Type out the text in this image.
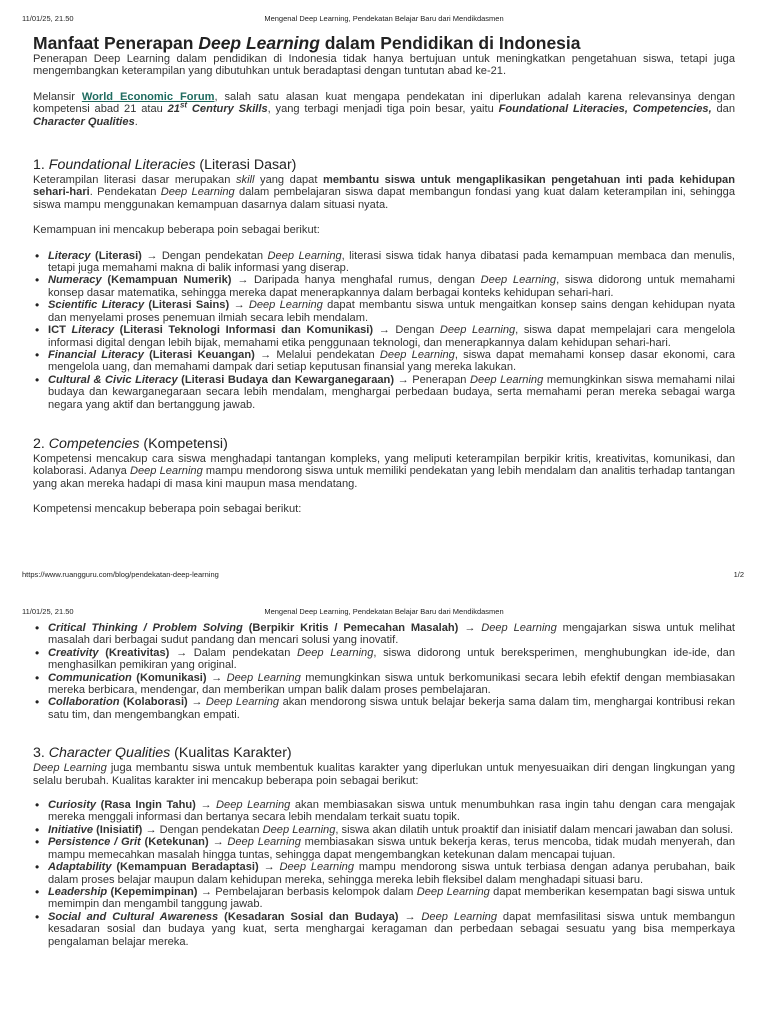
11/01/25, 21.50	Mengenal Deep Learning, Pendekatan Belajar Baru dari Mendikdasmen
Manfaat Penerapan Deep Learning dalam Pendidikan di Indonesia

Penerapan Deep Learning dalam pendidikan di Indonesia tidak hanya bertujuan untuk meningkatkan pengetahuan siswa, tetapi juga mengembangkan keterampilan yang dibutuhkan untuk beradaptasi dengan tuntutan abad ke-21.

Melansir World Economic Forum, salah satu alasan kuat mengapa pendekatan ini diperlukan adalah karena relevansinya dengan kompetensi abad 21 atau 21st Century Skills, yang terbagi menjadi tiga poin besar, yaitu Foundational Literacies, Competencies, dan Character Qualities.

1. Foundational Literacies (Literasi Dasar)

Keterampilan literasi dasar merupakan skill yang dapat membantu siswa untuk mengaplikasikan pengetahuan inti pada kehidupan sehari-hari. Pendekatan Deep Learning dalam pembelajaran siswa dapat membangun fondasi yang kuat dalam keterampilan ini, sehingga siswa mampu menggunakan kemampuan dasarnya dalam situasi nyata.

Kemampuan ini mencakup beberapa poin sebagai berikut:

• Literacy (Literasi) → Dengan pendekatan Deep Learning, literasi siswa tidak hanya dibatasi pada kemampuan membaca dan menulis, tetapi juga memahami makna di balik informasi yang diserap.
• Numeracy (Kemampuan Numerik) → Daripada hanya menghafal rumus, dengan Deep Learning, siswa didorong untuk memahami konsep dasar matematika, sehingga mereka dapat menerapkannya dalam berbagai konteks kehidupan sehari-hari.
• Scientific Literacy (Literasi Sains) → Deep Learning dapat membantu siswa untuk mengaitkan konsep sains dengan kehidupan nyata dan menyelami proses penemuan ilmiah secara lebih mendalam.
• ICT Literacy (Literasi Teknologi Informasi dan Komunikasi) → Dengan Deep Learning, siswa dapat mempelajari cara mengelola informasi digital dengan lebih bijak, memahami etika penggunaan teknologi, dan menerapkannya dalam kehidupan sehari-hari.
• Financial Literacy (Literasi Keuangan) → Melalui pendekatan Deep Learning, siswa dapat memahami konsep dasar ekonomi, cara mengelola uang, dan memahami dampak dari setiap keputusan finansial yang mereka lakukan.
• Cultural & Civic Literacy (Literasi Budaya dan Kewarganegaraan) → Penerapan Deep Learning memungkinkan siswa memahami nilai budaya dan kewarganegaraan secara lebih mendalam, menghargai perbedaan budaya, serta memahami peran mereka sebagai warga negara yang aktif dan bertanggung jawab.
2. Competencies (Kompetensi)

Kompetensi mencakup cara siswa menghadapi tantangan kompleks, yang meliputi keterampilan berpikir kritis, kreativitas, komunikasi, dan kolaborasi. Adanya Deep Learning mampu mendorong siswa untuk memiliki pendekatan yang lebih mendalam dan analitis terhadap tantangan yang akan mereka hadapi di masa kini maupun masa mendatang.

Kompetensi mencakup beberapa poin sebagai berikut:

https://www.ruangguru.com/blog/pendekatan-deep-learning	1/2
11/01/25, 21.50	Mengenal Deep Learning, Pendekatan Belajar Baru dari Mendikdasmen
• Critical Thinking / Problem Solving (Berpikir Kritis / Pemecahan Masalah) → Deep Learning mengajarkan siswa untuk melihat masalah dari berbagai sudut pandang dan mencari solusi yang inovatif.
• Creativity (Kreativitas) → Dalam pendekatan Deep Learning, siswa didorong untuk bereksperimen, menghubungkan ide-ide, dan menghasilkan pemikiran yang original.
• Communication (Komunikasi) → Deep Learning memungkinkan siswa untuk berkomunikasi secara lebih efektif dengan membiasakan mereka berbicara, mendengar, dan memberikan umpan balik dalam proses pembelajaran.
• Collaboration (Kolaborasi) → Deep Learning akan mendorong siswa untuk belajar bekerja sama dalam tim, menghargai kontribusi rekan satu tim, dan mengembangkan empati.
3. Character Qualities (Kualitas Karakter)

Deep Learning juga membantu siswa untuk membentuk kualitas karakter yang diperlukan untuk menyesuaikan diri dengan lingkungan yang selalu berubah. Kualitas karakter ini mencakup beberapa poin sebagai berikut:

• Curiosity (Rasa Ingin Tahu) → Deep Learning akan membiasakan siswa untuk menumbuhkan rasa ingin tahu dengan cara mengajak mereka menggali informasi dan bertanya secara lebih mendalam terkait suatu topik.
• Initiative (Inisiatif) → Dengan pendekatan Deep Learning, siswa akan dilatih untuk proaktif dan inisiatif dalam mencari jawaban dan solusi.
• Persistence / Grit (Ketekunan) → Deep Learning membiasakan siswa untuk bekerja keras, terus mencoba, tidak mudah menyerah, dan mampu memecahkan masalah hingga tuntas, sehingga dapat mengembangkan ketekunan dalam mencapai tujuan.
• Adaptability (Kemampuan Beradaptasi) → Deep Learning mampu mendorong siswa untuk terbiasa dengan adanya perubahan, baik dalam proses belajar maupun dalam kehidupan mereka, sehingga mereka lebih fleksibel dalam menghadapi situasi baru.
• Leadership (Kepemimpinan) → Pembelajaran berbasis kelompok dalam Deep Learning dapat memberikan kesempatan bagi siswa untuk memimpin dan mengambil tanggung jawab.
• Social and Cultural Awareness (Kesadaran Sosial dan Budaya) → Deep Learning dapat memfasilitasi siswa untuk membangun kesadaran sosial dan budaya yang kuat, serta menghargai keragaman dan perbedaan sebagai sesuatu yang bisa memperkaya pengalaman belajar mereka.
